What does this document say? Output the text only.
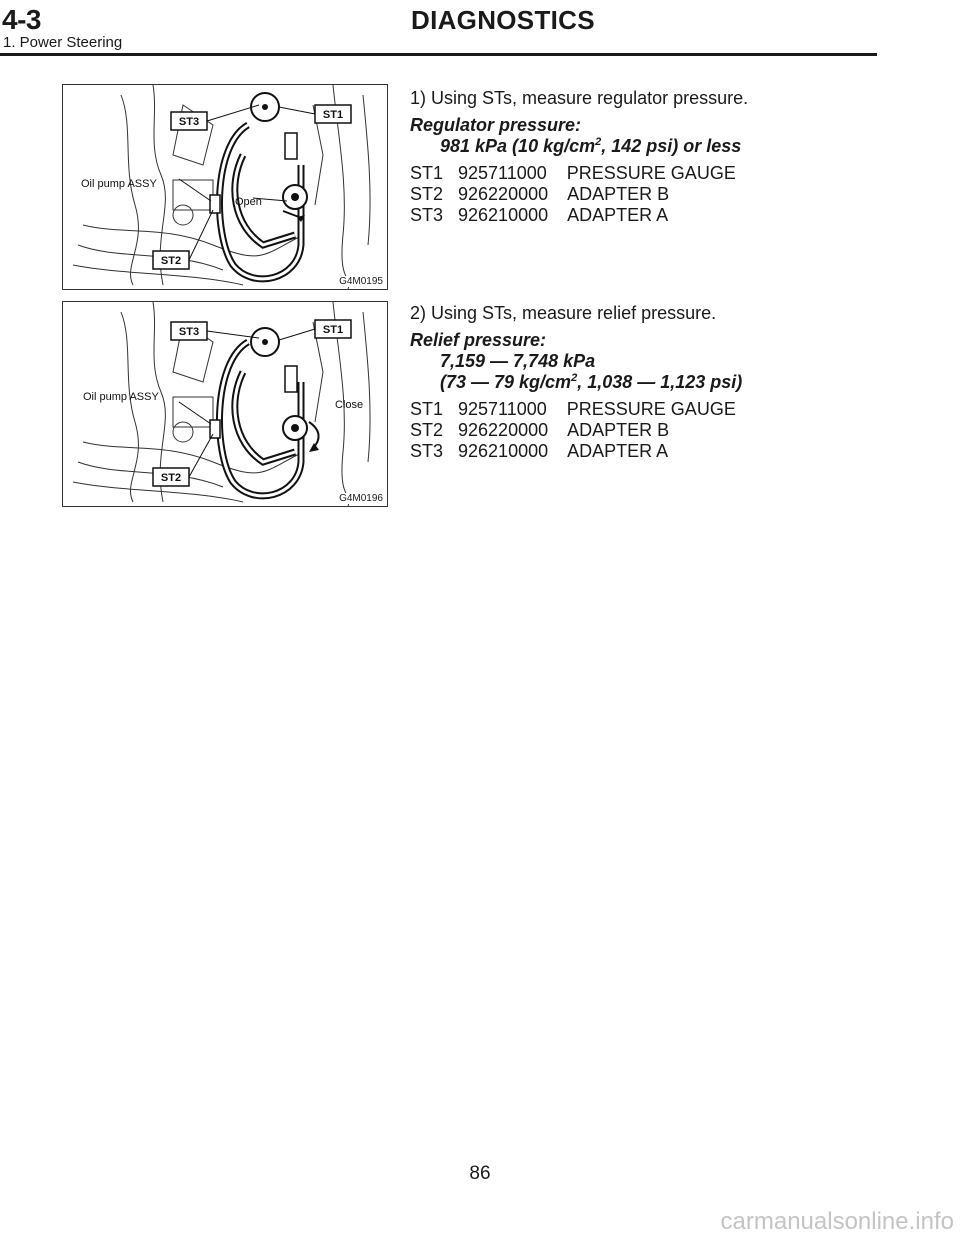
4-3	DIAGNOSTICS
1. Power Steering
ST3
ST1
ST2
Oil pump ASSY
Open
G4M0195
1) Using STs, measure regulator pressure.
Regulator pressure:
981 kPa (10 $kg/cm^2$, 142 psi) or less
ST1   925711000    PRESSURE GAUGE
ST2   926220000    ADAPTER B
ST3   926210000    ADAPTER A
ST3	ST1
ST2
Oil pump ASSY
Close
G4M0196
2) Using STs, measure relief pressure.
Relief pressure:
7,159 — 7,748 kPa
(73 — 79 $kg/cm^2$, 1,038 — 1,123 psi)
ST1   925711000    PRESSURE GAUGE
ST2   926220000    ADAPTER B
ST3   926210000    ADAPTER A
86
carmanualsonline.info
